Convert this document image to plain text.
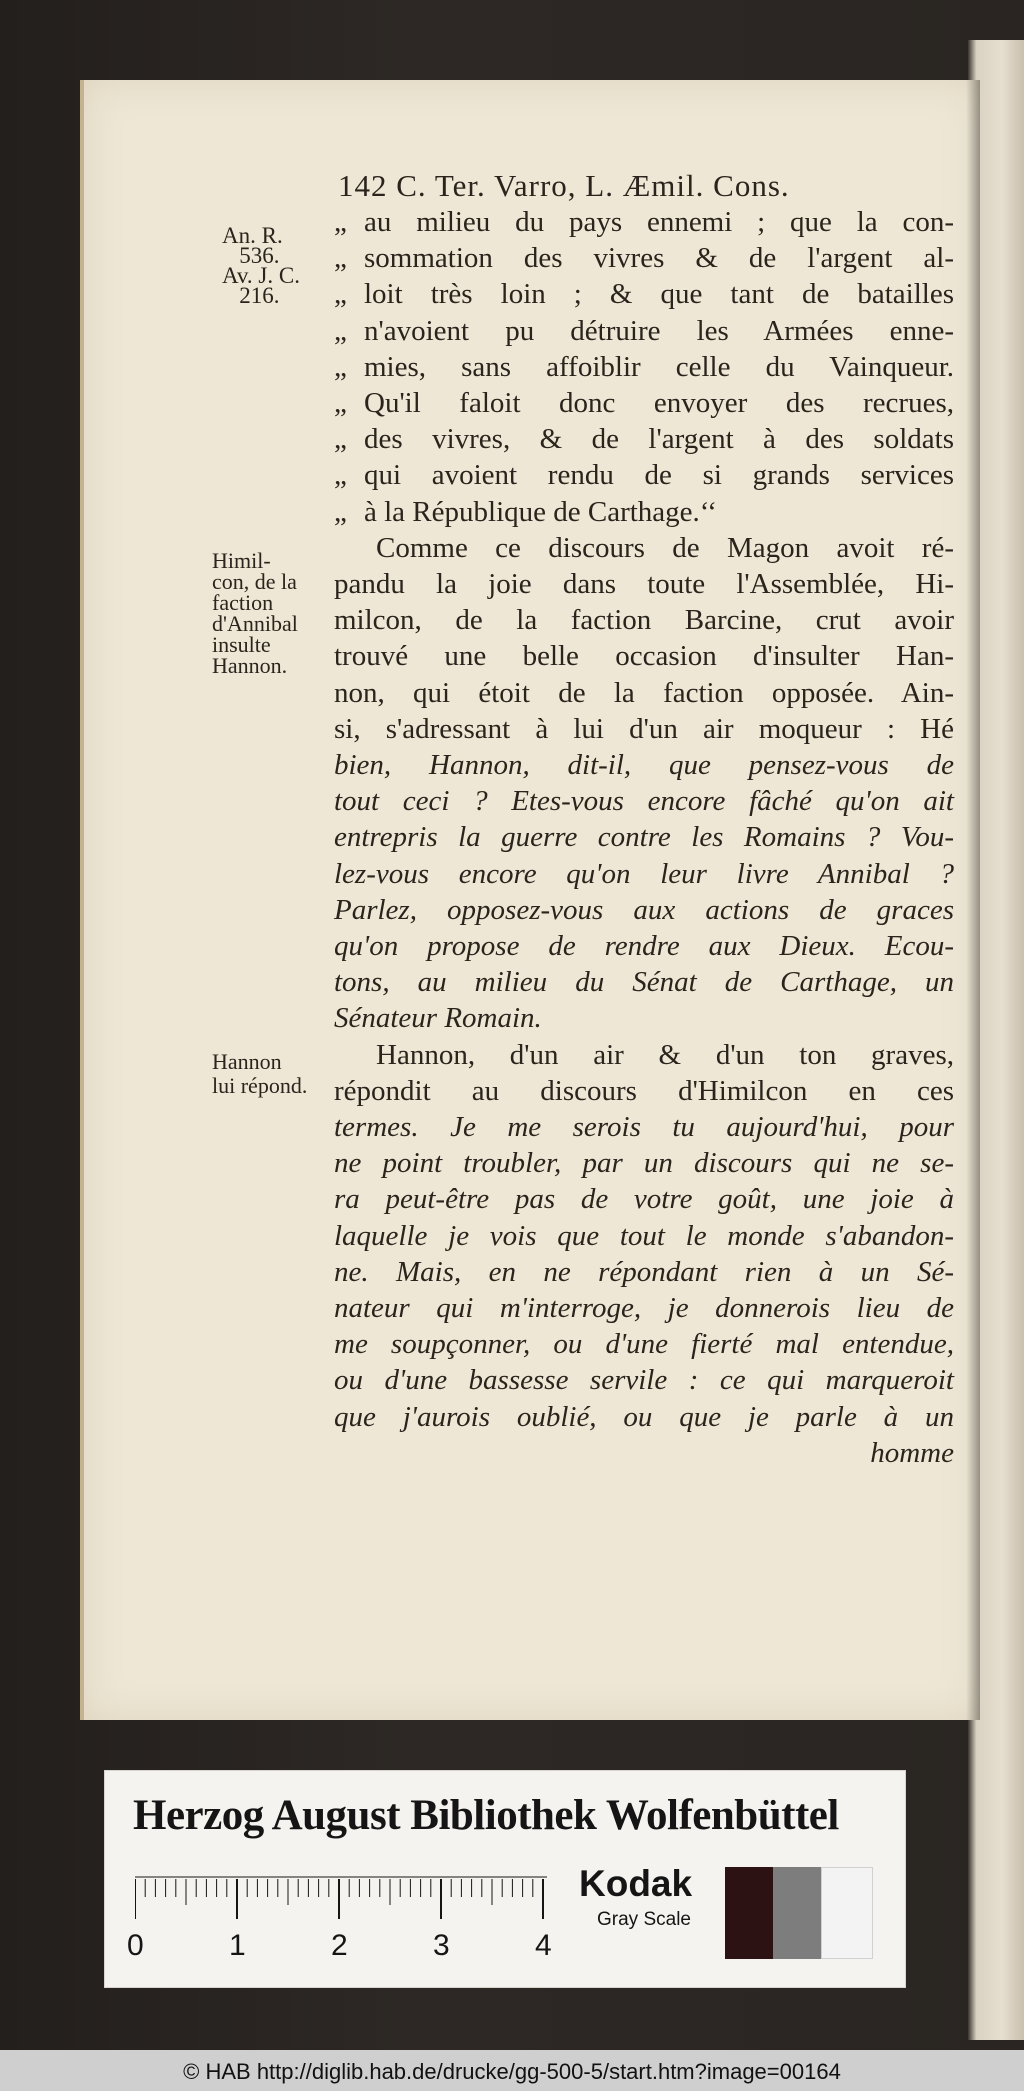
142 C. Ter. Varro, L. Æmil. Cons.
An. R.
536.
Av. J. C.
216.
Himil-
con, de la
faction
d'Annibal
insulte
Hannon.
Hannon
lui répond.
au milieu du pays ennemi ; que la con-
„
sommation des vivres & de l'argent al-
„
loit très loin ; & que tant de batailles
„
n'avoient pu détruire les Armées enne-
„
mies, sans affoiblir celle du Vainqueur.
„
Qu'il faloit donc envoyer des recrues,
„
des vivres, & de l'argent à des soldats
„
qui avoient rendu de si grands services
„
à la République de Carthage.‘‘
„
Comme ce discours de Magon avoit ré-
pandu la joie dans toute l'Assemblée, Hi-
milcon, de la faction Barcine, crut avoir
trouvé une belle occasion d'insulter Han-
non, qui étoit de la faction opposée. Ain-
si, s'adressant à lui d'un air moqueur : Hé
bien, Hannon, dit-il, que pensez-vous de
tout ceci ? Etes-vous encore fâché qu'on ait
entrepris la guerre contre les Romains ? Vou-
lez-vous encore qu'on leur livre Annibal ?
Parlez, opposez-vous aux actions de graces
qu'on propose de rendre aux Dieux. Ecou-
tons, au milieu du Sénat de Carthage, un
Sénateur Romain.
Hannon, d'un air & d'un ton graves,
répondit au discours d'Himilcon en ces
termes. Je me serois tu aujourd'hui, pour
ne point troubler, par un discours qui ne se-
ra peut-être pas de votre goût, une joie à
laquelle je vois que tout le monde s'abandon-
ne. Mais, en ne répondant rien à un Sé-
nateur qui m'interroge, je donnerois lieu de
me soupçonner, ou d'une fierté mal entendue,
ou d'une bassesse servile : ce qui marqueroit
que j'aurois oublié, ou que je parle à un
homme
Herzog August Bibliothek Wolfenbüttel
0	1	2	3	4
Kodak
Gray Scale
© HAB http://diglib.hab.de/drucke/gg-500-5/start.htm?image=00164
